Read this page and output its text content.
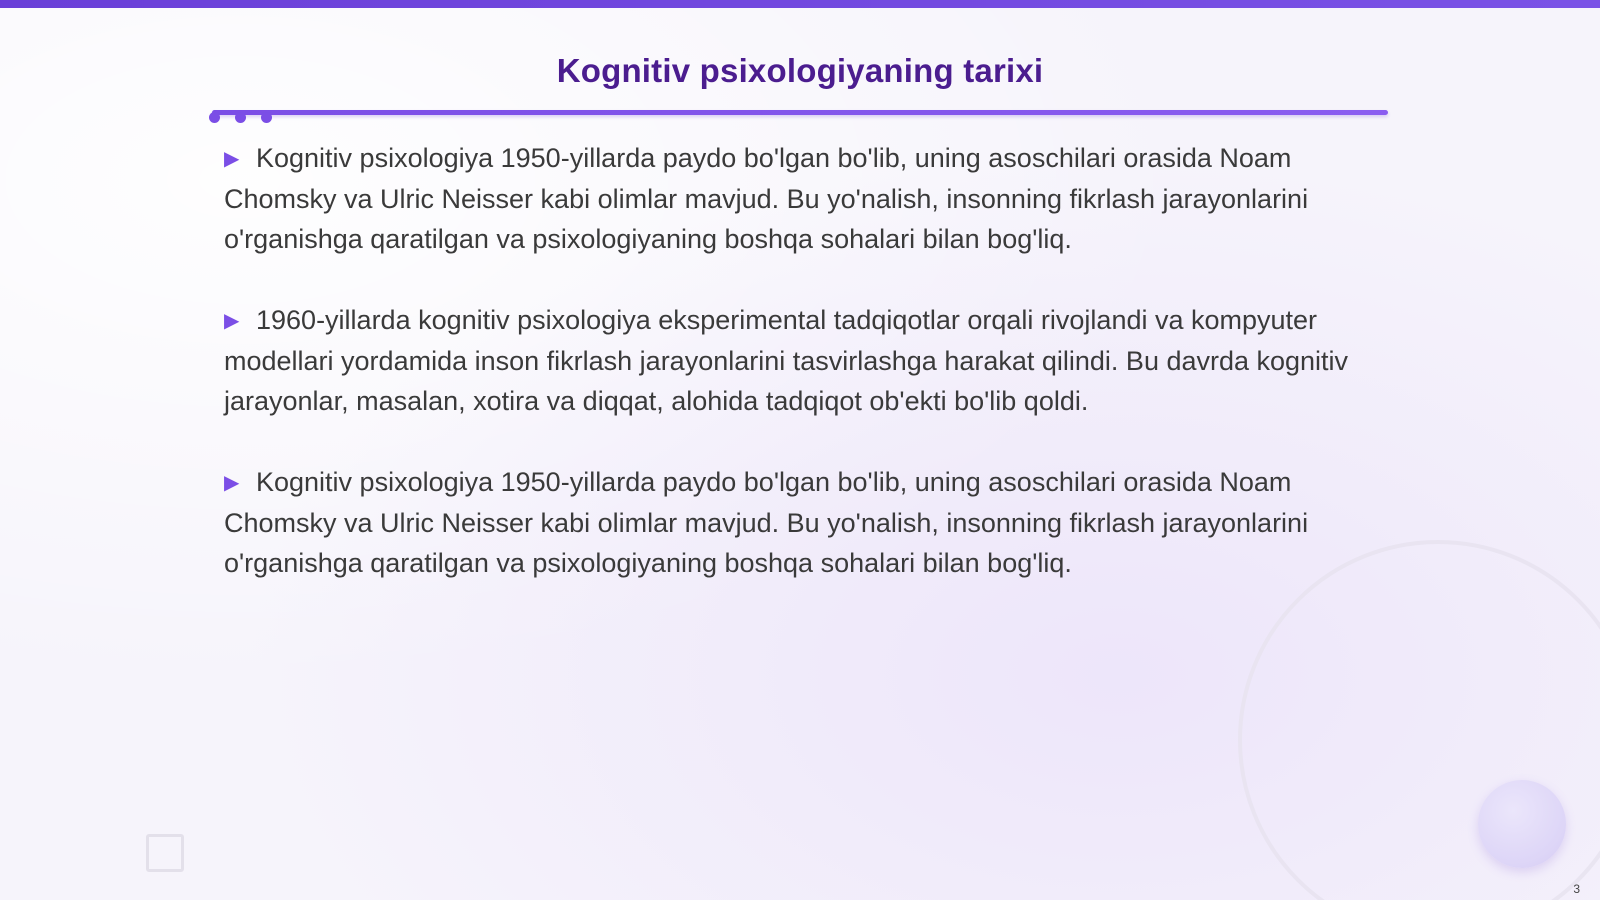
Kognitiv psixologiyaning tarixi
▶ Kognitiv psixologiya 1950-yillarda paydo bo'lgan bo'lib, uning asoschilari orasida Noam Chomsky va Ulric Neisser kabi olimlar mavjud. Bu yo'nalish, insonning fikrlash jarayonlarini o'rganishga qaratilgan va psixologiyaning boshqa sohalari bilan bog'liq.
▶ 1960-yillarda kognitiv psixologiya eksperimental tadqiqotlar orqali rivojlandi va kompyuter modellari yordamida inson fikrlash jarayonlarini tasvirlashga harakat qilindi. Bu davrda kognitiv jarayonlar, masalan, xotira va diqqat, alohida tadqiqot ob'ekti bo'lib qoldi.
▶ Kognitiv psixologiya 1950-yillarda paydo bo'lgan bo'lib, uning asoschilari orasida Noam Chomsky va Ulric Neisser kabi olimlar mavjud. Bu yo'nalish, insonning fikrlash jarayonlarini o'rganishga qaratilgan va psixologiyaning boshqa sohalari bilan bog'liq.
3
